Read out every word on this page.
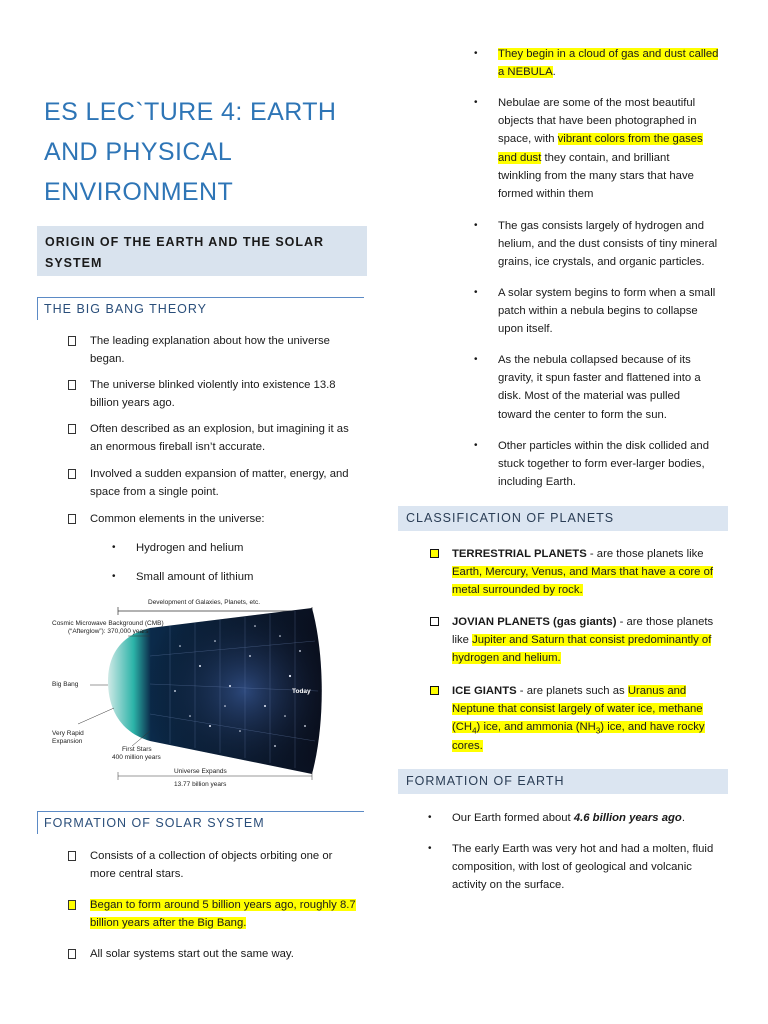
ES LEC`TURE 4: EARTH
AND PHYSICAL
ENVIRONMENT
ORIGIN OF THE EARTH AND THE SOLAR SYSTEM
THE BIG BANG THEORY
The leading explanation about how the universe began.
The universe blinked violently into existence 13.8 billion years ago.
Often described as an explosion, but imagining it as an enormous fireball isn’t accurate.
Involved a sudden expansion of matter, energy, and space from a single point.
Common elements in the universe:
• Hydrogen and helium
• Small amount of lithium
Development of Galaxies, Planets, etc.
Cosmic Microwave Background (CMB)
(“Afterglow”): 370,000 years
Big Bang
Very Rapid
Expansion
First Stars
400 million years
Today
Universe Expands
13.77 billion years
FORMATION OF SOLAR SYSTEM
Consists of a collection of objects orbiting one or more central stars.
Began to form around 5 billion years ago, roughly 8.7 billion years after the Big Bang.
All solar systems start out the same way.
• They begin in a cloud of gas and dust called a NEBULA.
• Nebulae are some of the most beautiful objects that have been photographed in space, with vibrant colors from the gases and dust they contain, and brilliant twinkling from the many stars that have formed within them
• The gas consists largely of hydrogen and helium, and the dust consists of tiny mineral grains, ice crystals, and organic particles.
• A solar system begins to form when a small patch within a nebula begins to collapse upon itself.
• As the nebula collapsed because of its gravity, it spun faster and flattened into a disk. Most of the material was pulled toward the center to form the sun.
• Other particles within the disk collided and stuck together to form ever-larger bodies, including Earth.
CLASSIFICATION OF PLANETS
TERRESTRIAL PLANETS - are those planets like Earth, Mercury, Venus, and Mars that have a core of metal surrounded by rock.
JOVIAN PLANETS (gas giants) - are those planets like Jupiter and Saturn that consist predominantly of hydrogen and helium.
ICE GIANTS - are planets such as Uranus and Neptune that consist largely of water ice, methane $(CH_4)$ ice, and ammonia $(NH_3)$ ice, and have rocky cores.
FORMATION OF EARTH
• Our Earth formed about 4.6 billion years ago.
• The early Earth was very hot and had a molten, fluid composition, with lost of geological and volcanic activity on the surface.
